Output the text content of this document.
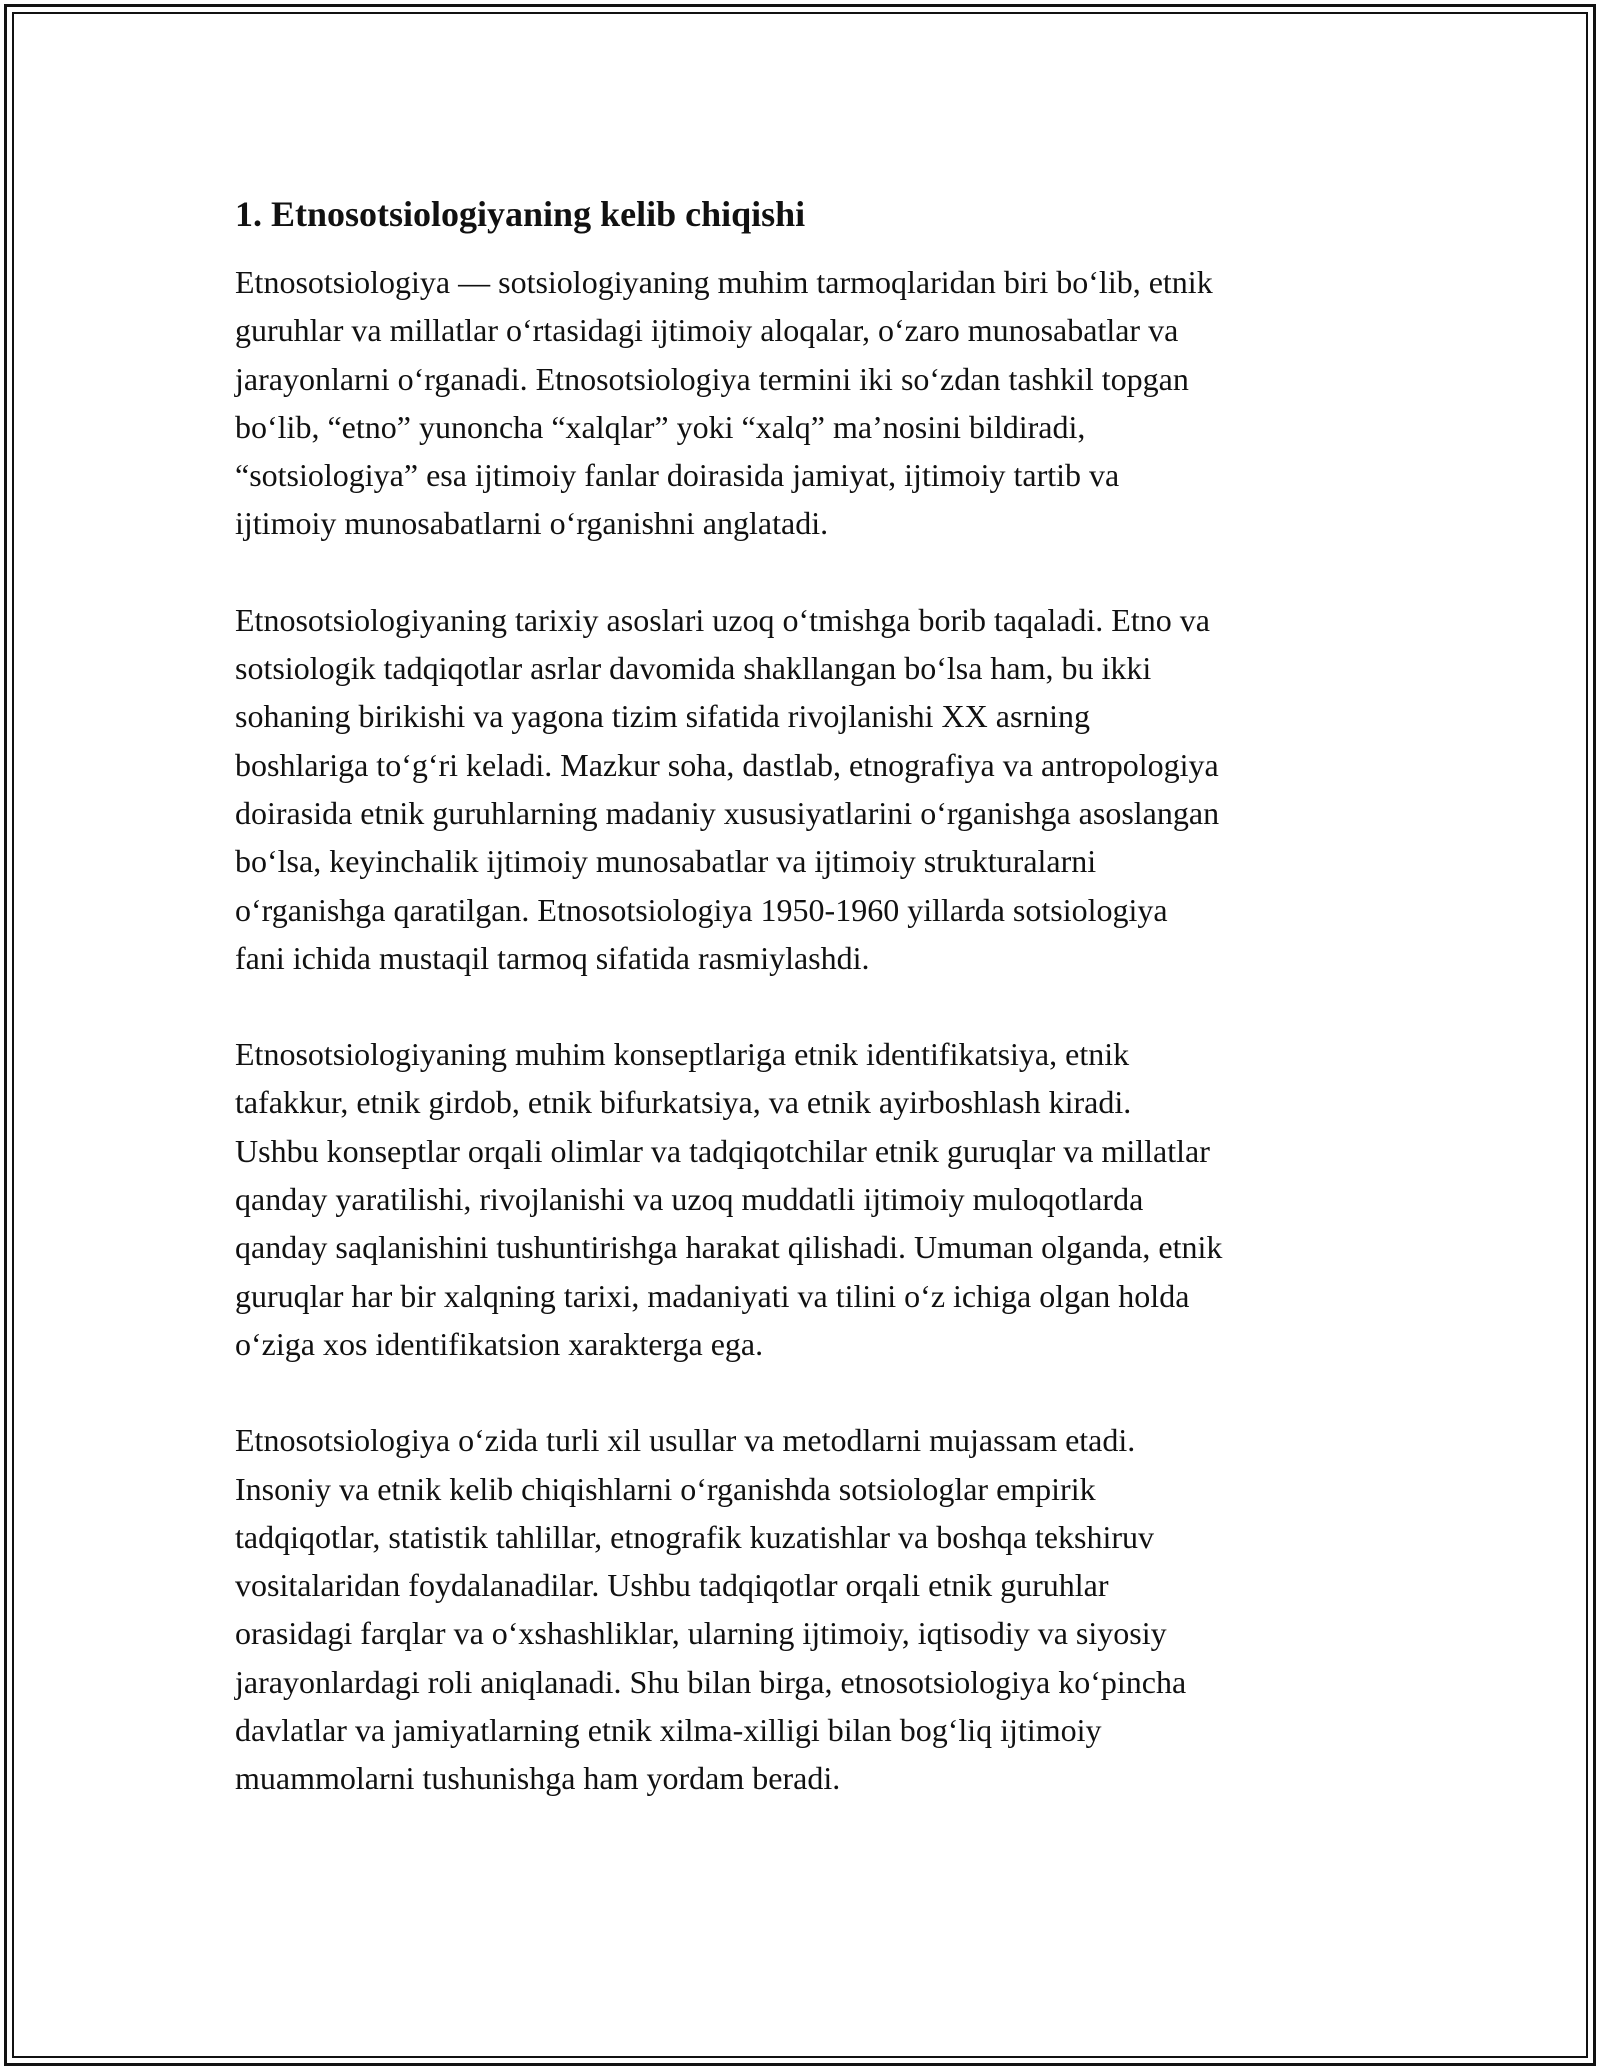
1. Etnosotsiologiyaning kelib chiqishi

Etnosotsiologiya — sotsiologiyaning muhim tarmoqlaridan biri bo‘lib, etnik
guruhlar va millatlar o‘rtasidagi ijtimoiy aloqalar, o‘zaro munosabatlar va
jarayonlarni o‘rganadi. Etnosotsiologiya termini iki so‘zdan tashkil topgan
bo‘lib, “etno” yunoncha “xalqlar” yoki “xalq” ma’nosini bildiradi,
“sotsiologiya” esa ijtimoiy fanlar doirasida jamiyat, ijtimoiy tartib va
ijtimoiy munosabatlarni o‘rganishni anglatadi.

Etnosotsiologiyaning tarixiy asoslari uzoq o‘tmishga borib taqaladi. Etno va
sotsiologik tadqiqotlar asrlar davomida shakllangan bo‘lsa ham, bu ikki
sohaning birikishi va yagona tizim sifatida rivojlanishi XX asrning
boshlariga to‘g‘ri keladi. Mazkur soha, dastlab, etnografiya va antropologiya
doirasida etnik guruhlarning madaniy xususiyatlarini o‘rganishga asoslangan
bo‘lsa, keyinchalik ijtimoiy munosabatlar va ijtimoiy strukturalarni
o‘rganishga qaratilgan. Etnosotsiologiya 1950-1960 yillarda sotsiologiya
fani ichida mustaqil tarmoq sifatida rasmiylashdi.

Etnosotsiologiyaning muhim konseptlariga etnik identifikatsiya, etnik
tafakkur, etnik girdob, etnik bifurkatsiya, va etnik ayirboshlash kiradi.
Ushbu konseptlar orqali olimlar va tadqiqotchilar etnik guruqlar va millatlar
qanday yaratilishi, rivojlanishi va uzoq muddatli ijtimoiy muloqotlarda
qanday saqlanishini tushuntirishga harakat qilishadi. Umuman olganda, etnik
guruqlar har bir xalqning tarixi, madaniyati va tilini o‘z ichiga olgan holda
o‘ziga xos identifikatsion xarakterga ega.

Etnosotsiologiya o‘zida turli xil usullar va metodlarni mujassam etadi.
Insoniy va etnik kelib chiqishlarni o‘rganishda sotsiologlar empirik
tadqiqotlar, statistik tahlillar, etnografik kuzatishlar va boshqa tekshiruv
vositalaridan foydalanadilar. Ushbu tadqiqotlar orqali etnik guruhlar
orasidagi farqlar va o‘xshashliklar, ularning ijtimoiy, iqtisodiy va siyosiy
jarayonlardagi roli aniqlanadi. Shu bilan birga, etnosotsiologiya ko‘pincha
davlatlar va jamiyatlarning etnik xilma-xilligi bilan bog‘liq ijtimoiy
muammolarni tushunishga ham yordam beradi.
